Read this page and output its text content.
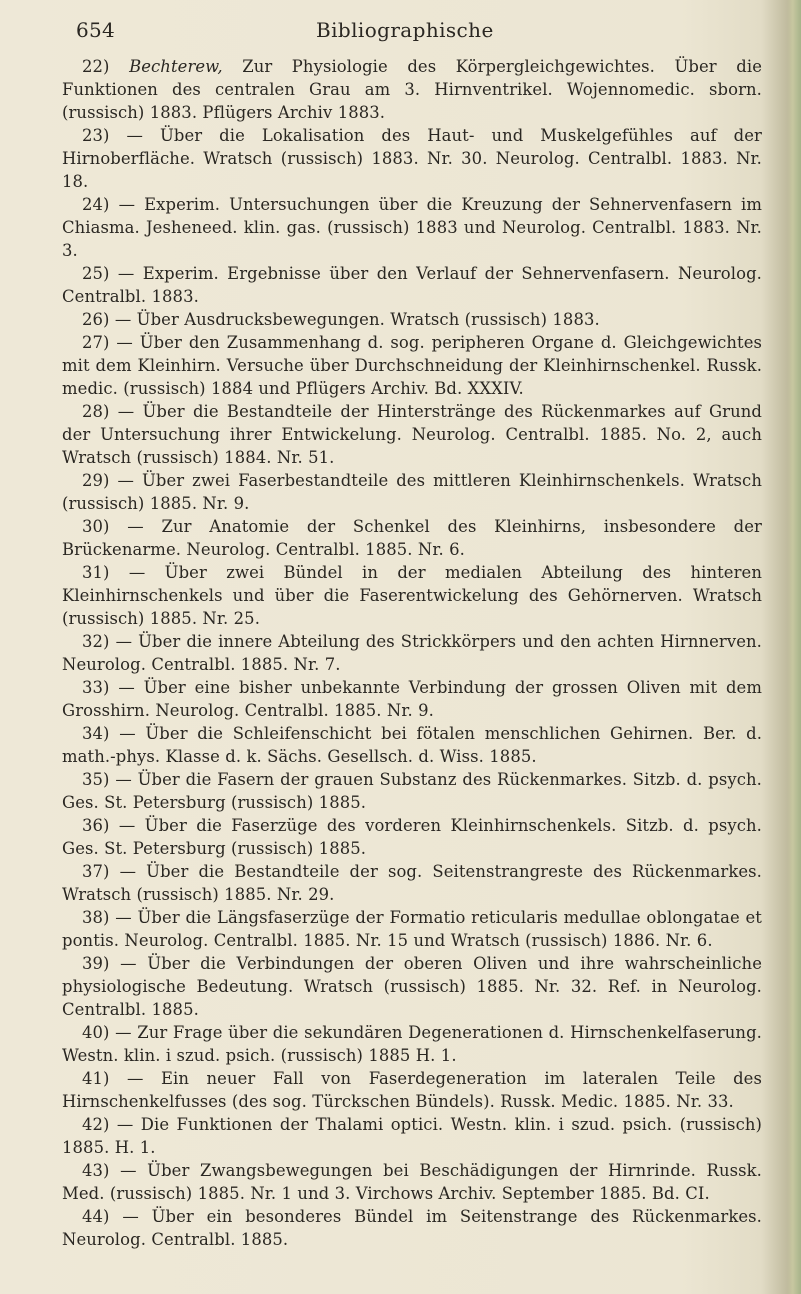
654	Bibliographische

22) Bechterew, Zur Physiologie des Körpergleichgewichtes. Über die Funktionen des centralen Grau am 3. Hirnventrikel. Wojennomedic. sborn. (russisch) 1883. Pflügers Archiv 1883.

23) — Über die Lokalisation des Haut- und Muskelgefühles auf der Hirnoberfläche. Wratsch (russisch) 1883. Nr. 30. Neurolog. Centralbl. 1883. Nr. 18.

24) — Experim. Untersuchungen über die Kreuzung der Sehnervenfasern im Chiasma. Jesheneed. klin. gas. (russisch) 1883 und Neurolog. Centralbl. 1883. Nr. 3.

25) — Experim. Ergebnisse über den Verlauf der Sehnervenfasern. Neurolog. Centralbl. 1883.

26) — Über Ausdrucksbewegungen. Wratsch (russisch) 1883.

27) — Über den Zusammenhang d. sog. peripheren Organe d. Gleichgewichtes mit dem Kleinhirn. Versuche über Durchschneidung der Kleinhirnschenkel. Russk. medic. (russisch) 1884 und Pflügers Archiv. Bd. XXXIV.

28) — Über die Bestandteile der Hinterstränge des Rückenmarkes auf Grund der Untersuchung ihrer Entwickelung. Neurolog. Centralbl. 1885. No. 2, auch Wratsch (russisch) 1884. Nr. 51.

29) — Über zwei Faserbestandteile des mittleren Kleinhirnschenkels. Wratsch (russisch) 1885. Nr. 9.

30) — Zur Anatomie der Schenkel des Kleinhirns, insbesondere der Brückenarme. Neurolog. Centralbl. 1885. Nr. 6.

31) — Über zwei Bündel in der medialen Abteilung des hinteren Kleinhirnschenkels und über die Faserentwickelung des Gehörnerven. Wratsch (russisch) 1885. Nr. 25.

32) — Über die innere Abteilung des Strickkörpers und den achten Hirnnerven. Neurolog. Centralbl. 1885. Nr. 7.

33) — Über eine bisher unbekannte Verbindung der grossen Oliven mit dem Grosshirn. Neurolog. Centralbl. 1885. Nr. 9.

34) — Über die Schleifenschicht bei fötalen menschlichen Gehirnen. Ber. d. math.-phys. Klasse d. k. Sächs. Gesellsch. d. Wiss. 1885.

35) — Über die Fasern der grauen Substanz des Rückenmarkes. Sitzb. d. psych. Ges. St. Petersburg (russisch) 1885.

36) — Über die Faserzüge des vorderen Kleinhirnschenkels. Sitzb. d. psych. Ges. St. Petersburg (russisch) 1885.

37) — Über die Bestandteile der sog. Seitenstrangreste des Rückenmarkes. Wratsch (russisch) 1885. Nr. 29.

38) — Über die Längsfaserzüge der Formatio reticularis medullae oblongatae et pontis. Neurolog. Centralbl. 1885. Nr. 15 und Wratsch (russisch) 1886. Nr. 6.

39) — Über die Verbindungen der oberen Oliven und ihre wahrscheinliche physiologische Bedeutung. Wratsch (russisch) 1885. Nr. 32. Ref. in Neurolog. Centralbl. 1885.

40) — Zur Frage über die sekundären Degenerationen d. Hirnschenkelfaserung. Westn. klin. i szud. psich. (russisch) 1885 H. 1.

41) — Ein neuer Fall von Faserdegeneration im lateralen Teile des Hirnschenkelfusses (des sog. Türckschen Bündels). Russk. Medic. 1885. Nr. 33.

42) — Die Funktionen der Thalami optici. Westn. klin. i szud. psich. (russisch) 1885. H. 1.

43) — Über Zwangsbewegungen bei Beschädigungen der Hirnrinde. Russk. Med. (russisch) 1885. Nr. 1 und 3. Virchows Archiv. September 1885. Bd. CI.

44) — Über ein besonderes Bündel im Seitenstrange des Rückenmarkes. Neurolog. Centralbl. 1885.
